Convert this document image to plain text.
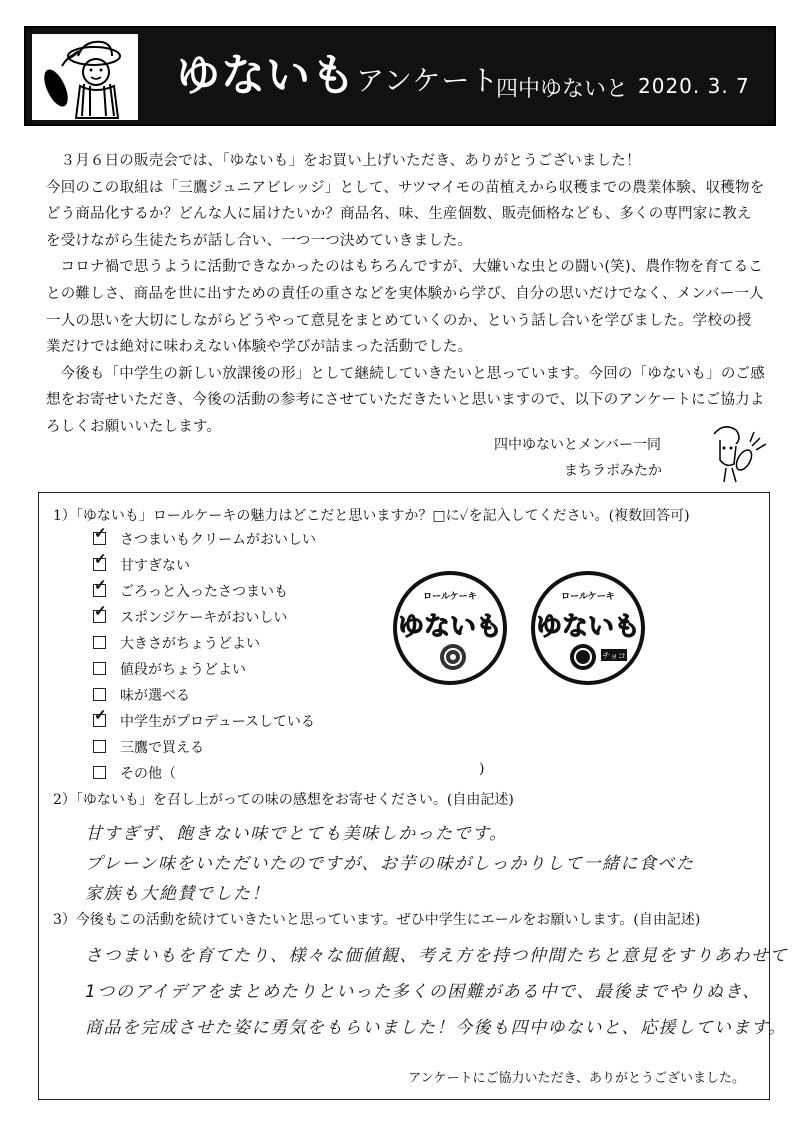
ゆないもアンケート
四中ゆないと 2020. 3. 7

３月６日の販売会では、「ゆないも」をお買い上げいただき、ありがとうございました！

今回のこの取組は「三鷹ジュニアビレッジ」として、サツマイモの苗植えから収穫までの農業体験、収穫物をどう商品化するか？どんな人に届けたいか？商品名、味、生産個数、販売価格なども、多くの専門家に教えを受けながら生徒たちが話し合い、一つ一つ決めていきました。

コロナ禍で思うように活動できなかったのはもちろんですが、大嫌いな虫との闘い(笑)、農作物を育てることの難しさ、商品を世に出すための責任の重さなどを実体験から学び、自分の思いだけでなく、メンバー一人一人の思いを大切にしながらどうやって意見をまとめていくのか、という話し合いを学びました。学校の授業だけでは絶対に味わえない体験や学びが詰まった活動でした。

今後も「中学生の新しい放課後の形」として継続していきたいと思っています。今回の「ゆないも」のご感想をお寄せいただき、今後の活動の参考にさせていただきたいと思いますので、以下のアンケートにご協力よろしくお願いいたします。

四中ゆないとメンバー一同
まちラボみたか
1）「ゆないも」ロールケーキの魅力はどこだと思いますか？□に✓を記入してください。(複数回答可)
✓ さつまいもクリームがおいしい
✓ 甘すぎない
✓ ごろっと入ったさつまいも
✓ スポンジケーキがおいしい
大きさがちょうどよい
値段がちょうどよい
味が選べる
✓ 中学生がプロデュースしている
三鷹で買える
その他（	)
ロールケーキ
ゆないも
ロールケーキ
ゆないも
チョコ
2）「ゆないも」を召し上がっての味の感想をお寄せください。(自由記述)
甘すぎず、飽きない味でとても美味しかったです。
プレーン味をいただいたのですが、お芋の味がしっかりして一緒に食べた
家族も大絶賛でした！
3）今後もこの活動を続けていきたいと思っています。ぜひ中学生にエールをお願いします。(自由記述)
さつまいもを育てたり、様々な価値観、考え方を持つ仲間たちと意見をすりあわせて
1つのアイデアをまとめたりといった多くの困難がある中で、最後までやりぬき、
商品を完成させた姿に勇気をもらいました！今後も四中ゆないと、応援しています。
アンケートにご協力いただき、ありがとうございました。
